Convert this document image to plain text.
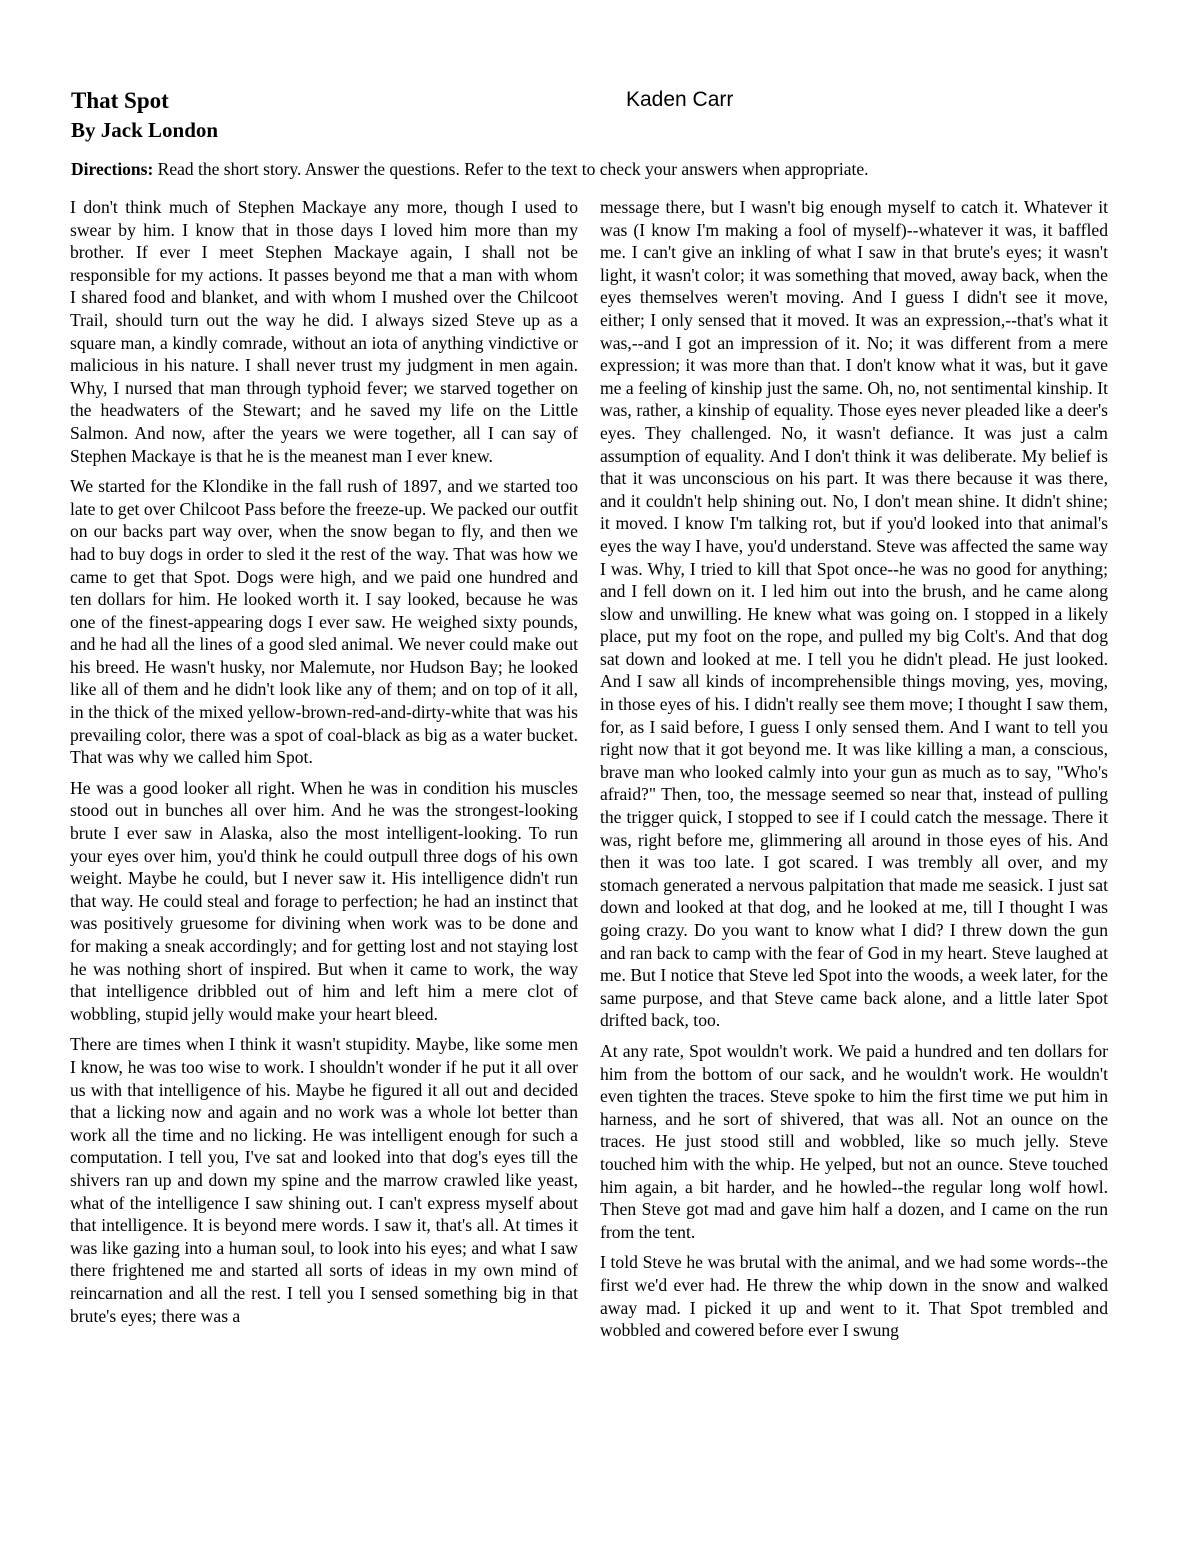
That Spot
By Jack London
Kaden Carr

Directions: Read the short story. Answer the questions. Refer to the text to check your answers when appropriate.

I don't think much of Stephen Mackaye any more, though I used to swear by him. I know that in those days I loved him more than my brother. If ever I meet Stephen Mackaye again, I shall not be responsible for my actions. It passes beyond me that a man with whom I shared food and blanket, and with whom I mushed over the Chilcoot Trail, should turn out the way he did. I always sized Steve up as a square man, a kindly comrade, without an iota of anything vindictive or malicious in his nature. I shall never trust my judgment in men again. Why, I nursed that man through typhoid fever; we starved together on the headwaters of the Stewart; and he saved my life on the Little Salmon. And now, after the years we were together, all I can say of Stephen Mackaye is that he is the meanest man I ever knew.

We started for the Klondike in the fall rush of 1897, and we started too late to get over Chilcoot Pass before the freeze-up. We packed our outfit on our backs part way over, when the snow began to fly, and then we had to buy dogs in order to sled it the rest of the way. That was how we came to get that Spot. Dogs were high, and we paid one hundred and ten dollars for him. He looked worth it. I say looked, because he was one of the finest-appearing dogs I ever saw. He weighed sixty pounds, and he had all the lines of a good sled animal. We never could make out his breed. He wasn't husky, nor Malemute, nor Hudson Bay; he looked like all of them and he didn't look like any of them; and on top of it all, in the thick of the mixed yellow-brown-red-and-dirty-white that was his prevailing color, there was a spot of coal-black as big as a water bucket. That was why we called him Spot.

He was a good looker all right. When he was in condition his muscles stood out in bunches all over him. And he was the strongest-looking brute I ever saw in Alaska, also the most intelligent-looking. To run your eyes over him, you'd think he could outpull three dogs of his own weight. Maybe he could, but I never saw it. His intelligence didn't run that way. He could steal and forage to perfection; he had an instinct that was positively gruesome for divining when work was to be done and for making a sneak accordingly; and for getting lost and not staying lost he was nothing short of inspired. But when it came to work, the way that intelligence dribbled out of him and left him a mere clot of wobbling, stupid jelly would make your heart bleed.

There are times when I think it wasn't stupidity. Maybe, like some men I know, he was too wise to work. I shouldn't wonder if he put it all over us with that intelligence of his. Maybe he figured it all out and decided that a licking now and again and no work was a whole lot better than work all the time and no licking. He was intelligent enough for such a computation. I tell you, I've sat and looked into that dog's eyes till the shivers ran up and down my spine and the marrow crawled like yeast, what of the intelligence I saw shining out. I can't express myself about that intelligence. It is beyond mere words. I saw it, that's all. At times it was like gazing into a human soul, to look into his eyes; and what I saw there frightened me and started all sorts of ideas in my own mind of reincarnation and all the rest. I tell you I sensed something big in that brute's eyes; there was a

message there, but I wasn't big enough myself to catch it. Whatever it was (I know I'm making a fool of myself)--whatever it was, it baffled me. I can't give an inkling of what I saw in that brute's eyes; it wasn't light, it wasn't color; it was something that moved, away back, when the eyes themselves weren't moving. And I guess I didn't see it move, either; I only sensed that it moved. It was an expression,--that's what it was,--and I got an impression of it. No; it was different from a mere expression; it was more than that. I don't know what it was, but it gave me a feeling of kinship just the same. Oh, no, not sentimental kinship. It was, rather, a kinship of equality. Those eyes never pleaded like a deer's eyes. They challenged. No, it wasn't defiance. It was just a calm assumption of equality. And I don't think it was deliberate. My belief is that it was unconscious on his part. It was there because it was there, and it couldn't help shining out. No, I don't mean shine. It didn't shine; it moved. I know I'm talking rot, but if you'd looked into that animal's eyes the way I have, you'd understand. Steve was affected the same way I was. Why, I tried to kill that Spot once--he was no good for anything; and I fell down on it. I led him out into the brush, and he came along slow and unwilling. He knew what was going on. I stopped in a likely place, put my foot on the rope, and pulled my big Colt's. And that dog sat down and looked at me. I tell you he didn't plead. He just looked. And I saw all kinds of incomprehensible things moving, yes, moving, in those eyes of his. I didn't really see them move; I thought I saw them, for, as I said before, I guess I only sensed them. And I want to tell you right now that it got beyond me. It was like killing a man, a conscious, brave man who looked calmly into your gun as much as to say, "Who's afraid?" Then, too, the message seemed so near that, instead of pulling the trigger quick, I stopped to see if I could catch the message. There it was, right before me, glimmering all around in those eyes of his. And then it was too late. I got scared. I was trembly all over, and my stomach generated a nervous palpitation that made me seasick. I just sat down and looked at that dog, and he looked at me, till I thought I was going crazy. Do you want to know what I did? I threw down the gun and ran back to camp with the fear of God in my heart. Steve laughed at me. But I notice that Steve led Spot into the woods, a week later, for the same purpose, and that Steve came back alone, and a little later Spot drifted back, too.

At any rate, Spot wouldn't work. We paid a hundred and ten dollars for him from the bottom of our sack, and he wouldn't work. He wouldn't even tighten the traces. Steve spoke to him the first time we put him in harness, and he sort of shivered, that was all. Not an ounce on the traces. He just stood still and wobbled, like so much jelly. Steve touched him with the whip. He yelped, but not an ounce. Steve touched him again, a bit harder, and he howled--the regular long wolf howl. Then Steve got mad and gave him half a dozen, and I came on the run from the tent.

I told Steve he was brutal with the animal, and we had some words--the first we'd ever had. He threw the whip down in the snow and walked away mad. I picked it up and went to it. That Spot trembled and wobbled and cowered before ever I swung
